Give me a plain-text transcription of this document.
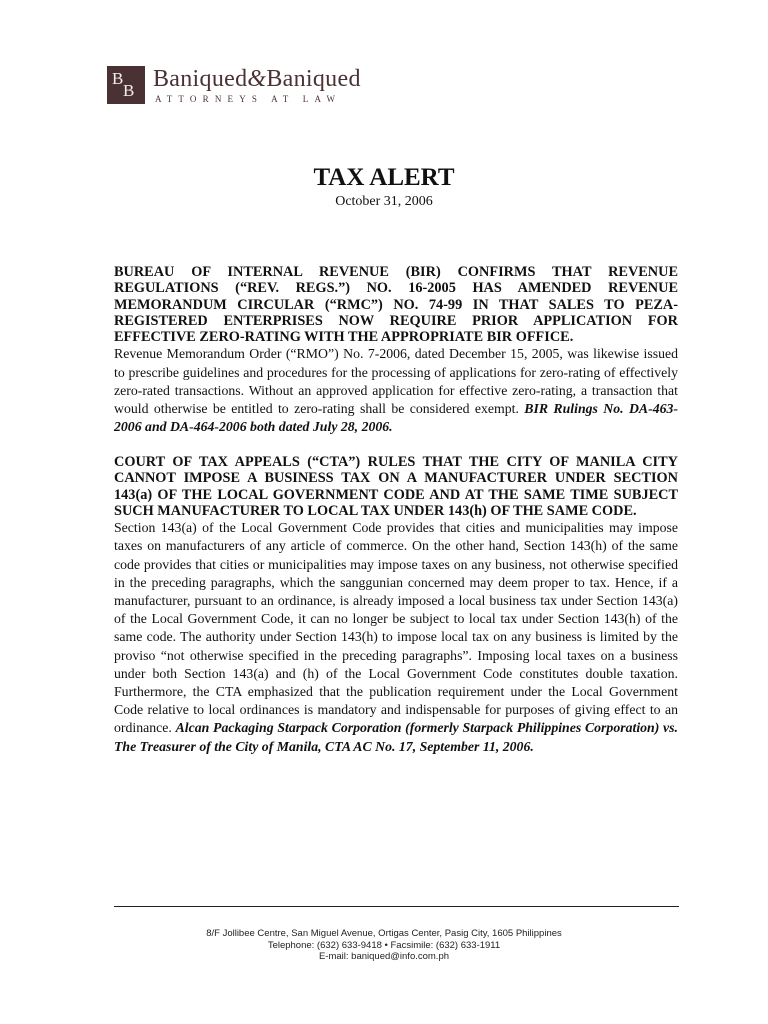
B
B Baniqued&Baniqued
ATTORNEYS AT LAW
TAX ALERT
October 31, 2006

BUREAU OF INTERNAL REVENUE (BIR) CONFIRMS THAT REVENUE REGULATIONS (“REV. REGS.”) NO. 16-2005 HAS AMENDED REVENUE MEMORANDUM CIRCULAR (“RMC”) NO. 74-99 IN THAT SALES TO PEZA-REGISTERED ENTERPRISES NOW REQUIRE PRIOR APPLICATION FOR EFFECTIVE ZERO-RATING WITH THE APPROPRIATE BIR OFFICE.

Revenue Memorandum Order (“RMO”) No. 7-2006, dated December 15, 2005, was likewise issued to prescribe guidelines and procedures for the processing of applications for zero-rating of effectively zero-rated transactions. Without an approved application for effective zero-rating, a transaction that would otherwise be entitled to zero-rating shall be considered exempt. BIR Rulings No. DA-463-2006 and DA-464-2006 both dated July 28, 2006.

COURT OF TAX APPEALS (“CTA”) RULES THAT THE CITY OF MANILA CITY CANNOT IMPOSE A BUSINESS TAX ON A MANUFACTURER UNDER SECTION 143(a) OF THE LOCAL GOVERNMENT CODE AND AT THE SAME TIME SUBJECT SUCH MANUFACTURER TO LOCAL TAX UNDER 143(h) OF THE SAME CODE.

Section 143(a) of the Local Government Code provides that cities and municipalities may impose taxes on manufacturers of any article of commerce. On the other hand, Section 143(h) of the same code provides that cities or municipalities may impose taxes on any business, not otherwise specified in the preceding paragraphs, which the sanggunian concerned may deem proper to tax. Hence, if a manufacturer, pursuant to an ordinance, is already imposed a local business tax under Section 143(a) of the Local Government Code, it can no longer be subject to local tax under Section 143(h) of the same code. The authority under Section 143(h) to impose local tax on any business is limited by the proviso “not otherwise specified in the preceding paragraphs”. Imposing local taxes on a business under both Section 143(a) and (h) of the Local Government Code constitutes double taxation. Furthermore, the CTA emphasized that the publication requirement under the Local Government Code relative to local ordinances is mandatory and indispensable for purposes of giving effect to an ordinance. Alcan Packaging Starpack Corporation (formerly Starpack Philippines Corporation) vs. The Treasurer of the City of Manila, CTA AC No. 17, September 11, 2006.

8/F Jollibee Centre, San Miguel Avenue, Ortigas Center, Pasig City, 1605 Philippines
Telephone: (632) 633-9418 • Facsimile: (632) 633-1911
E-mail: baniqued@info.com.ph
